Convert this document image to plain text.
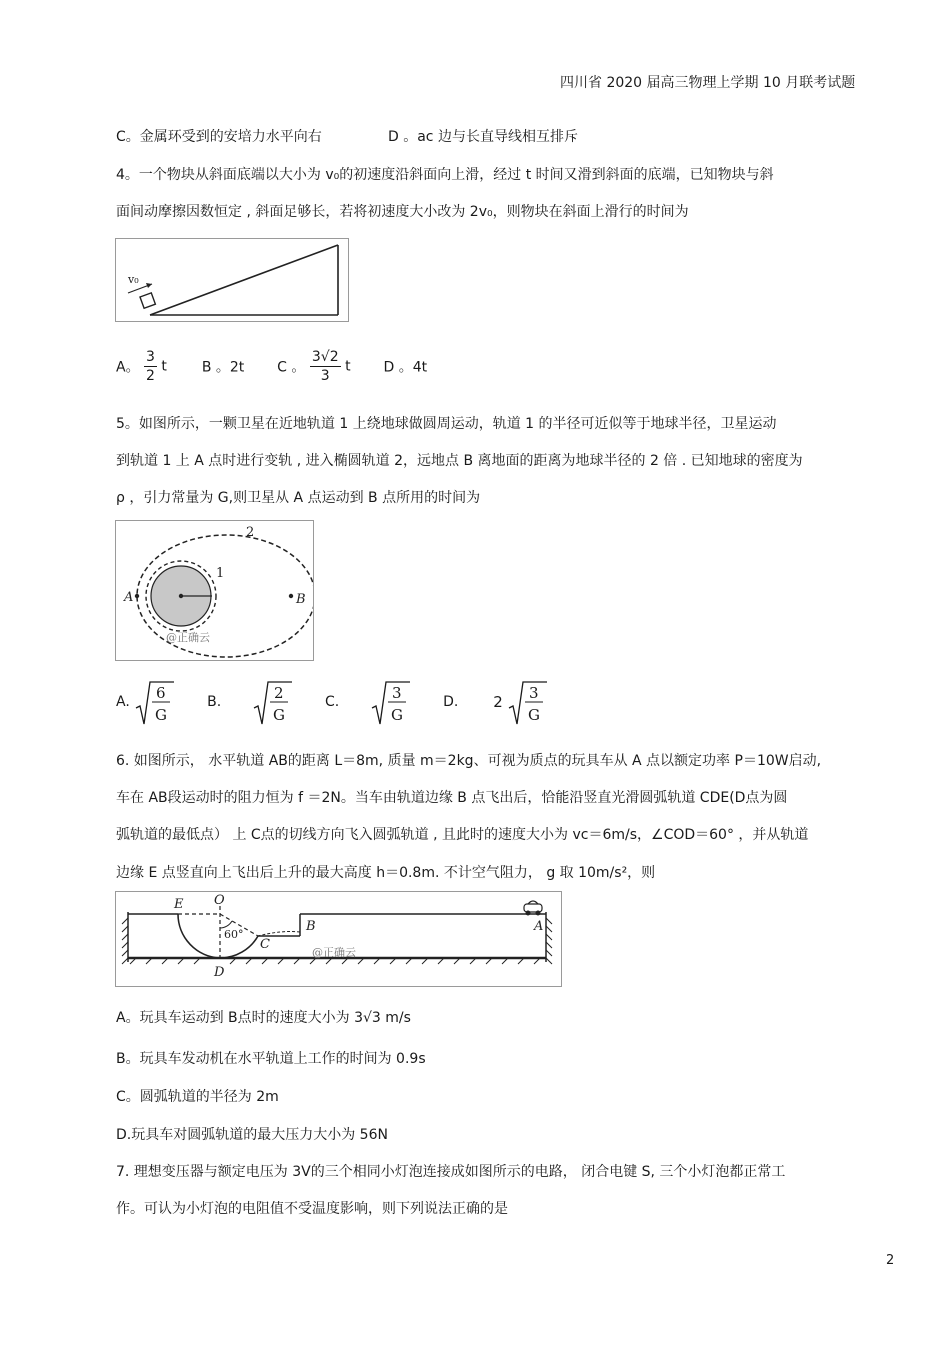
四川省 2020 届高三物理上学期 10 月联考试题
C。金属环受到的安培力水平向右	D 。ac 边与长直导线相互排斥
4。一个物块从斜面底端以大小为 v₀的初速度沿斜面向上滑，经过 t 时间又滑到斜面的底端，已知物块与斜
面间动摩擦因数恒定 , 斜面足够长，若将初速度大小改为 2v₀，则物块在斜面上滑行的时间为
v₀
A。 $\frac{3}{2}$ t B 。2t C 。 $\frac{3√2}{3}$ t D 。4t
5。如图所示，一颗卫星在近地轨道 1 上绕地球做圆周运动，轨道 1 的半径可近似等于地球半径，卫星运动
到轨道 1 上 A 点时进行变轨 , 进入椭圆轨道 2，远地点 B 离地面的距离为地球半径的 2 倍 . 已知地球的密度为
ρ ，引力常量为 G,则卫星从 A 点运动到 B 点所用的时间为
1
2
A	B
@正确云
A. 6
G
B.	2
G
C.	3
G
D. 2 3
G
6. 如图所示， 水平轨道 AB的距离 L＝8m, 质量 m＝2kg、可视为质点的玩具车从 A 点以额定功率 P＝10W启动,
车在 AB段运动时的阻力恒为 f ＝2N。当车由轨道边缘 B 点飞出后，恰能沿竖直光滑圆弧轨道 CDE(D点为圆
弧轨道的最低点） 上 C点的切线方向飞入圆弧轨道 , 且此时的速度大小为 vc＝6m/s，∠COD＝60° ，并从轨道
边缘 E 点竖直向上飞出后上升的最大高度 h＝0.8m. 不计空气阻力， g 取 10m/s²，则
E O
60°
C
B	A
D
@正确云
A。玩具车运动到 B点时的速度大小为 3√3 m/s
B。玩具车发动机在水平轨道上工作的时间为 0.9s
C。圆弧轨道的半径为 2m
D.玩具车对圆弧轨道的最大压力大小为 56N
7. 理想变压器与额定电压为 3V的三个相同小灯泡连接成如图所示的电路， 闭合电键 S, 三个小灯泡都正常工
作。可认为小灯泡的电阻值不受温度影响，则下列说法正确的是
2
